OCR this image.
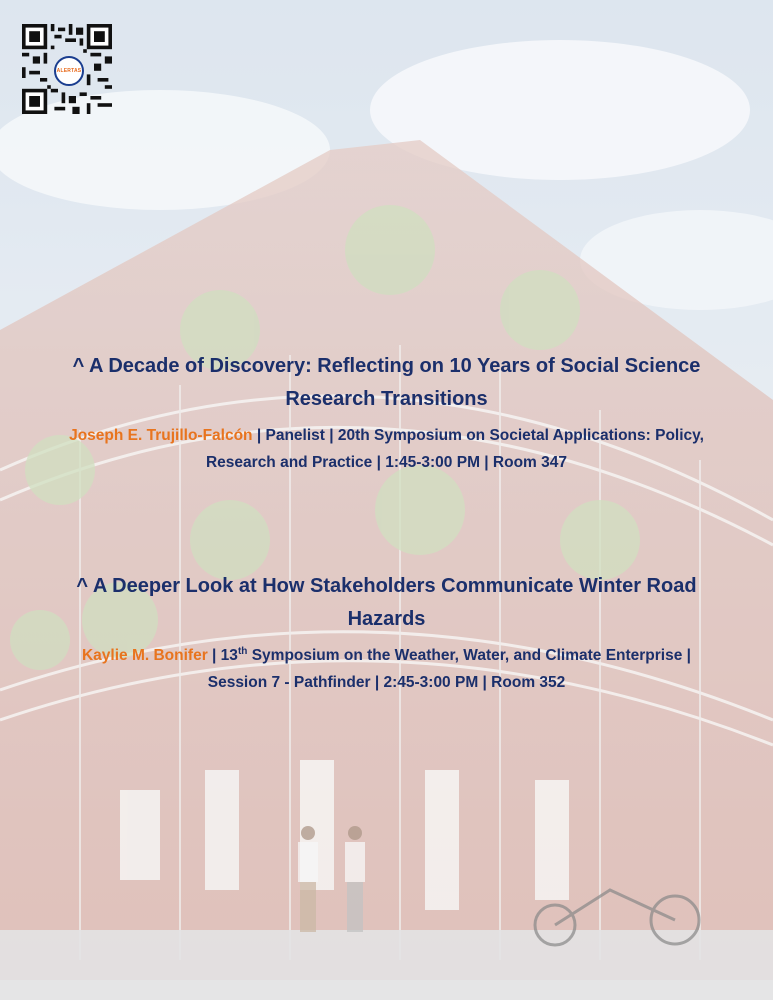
ALERTAS

^ A Decade of Discovery: Reflecting on 10 Years of Social Science Research Transitions

Joseph E. Trujillo-Falcón | Panelist | 20th Symposium on Societal Applications: Policy, Research and Practice | 1:45-3:00 PM | Room 347

^ A Deeper Look at How Stakeholders Communicate Winter Road Hazards

Kaylie M. Bonifer | 13th Symposium on the Weather, Water, and Climate Enterprise | Session 7 - Pathfinder | 2:45-3:00 PM | Room 352
